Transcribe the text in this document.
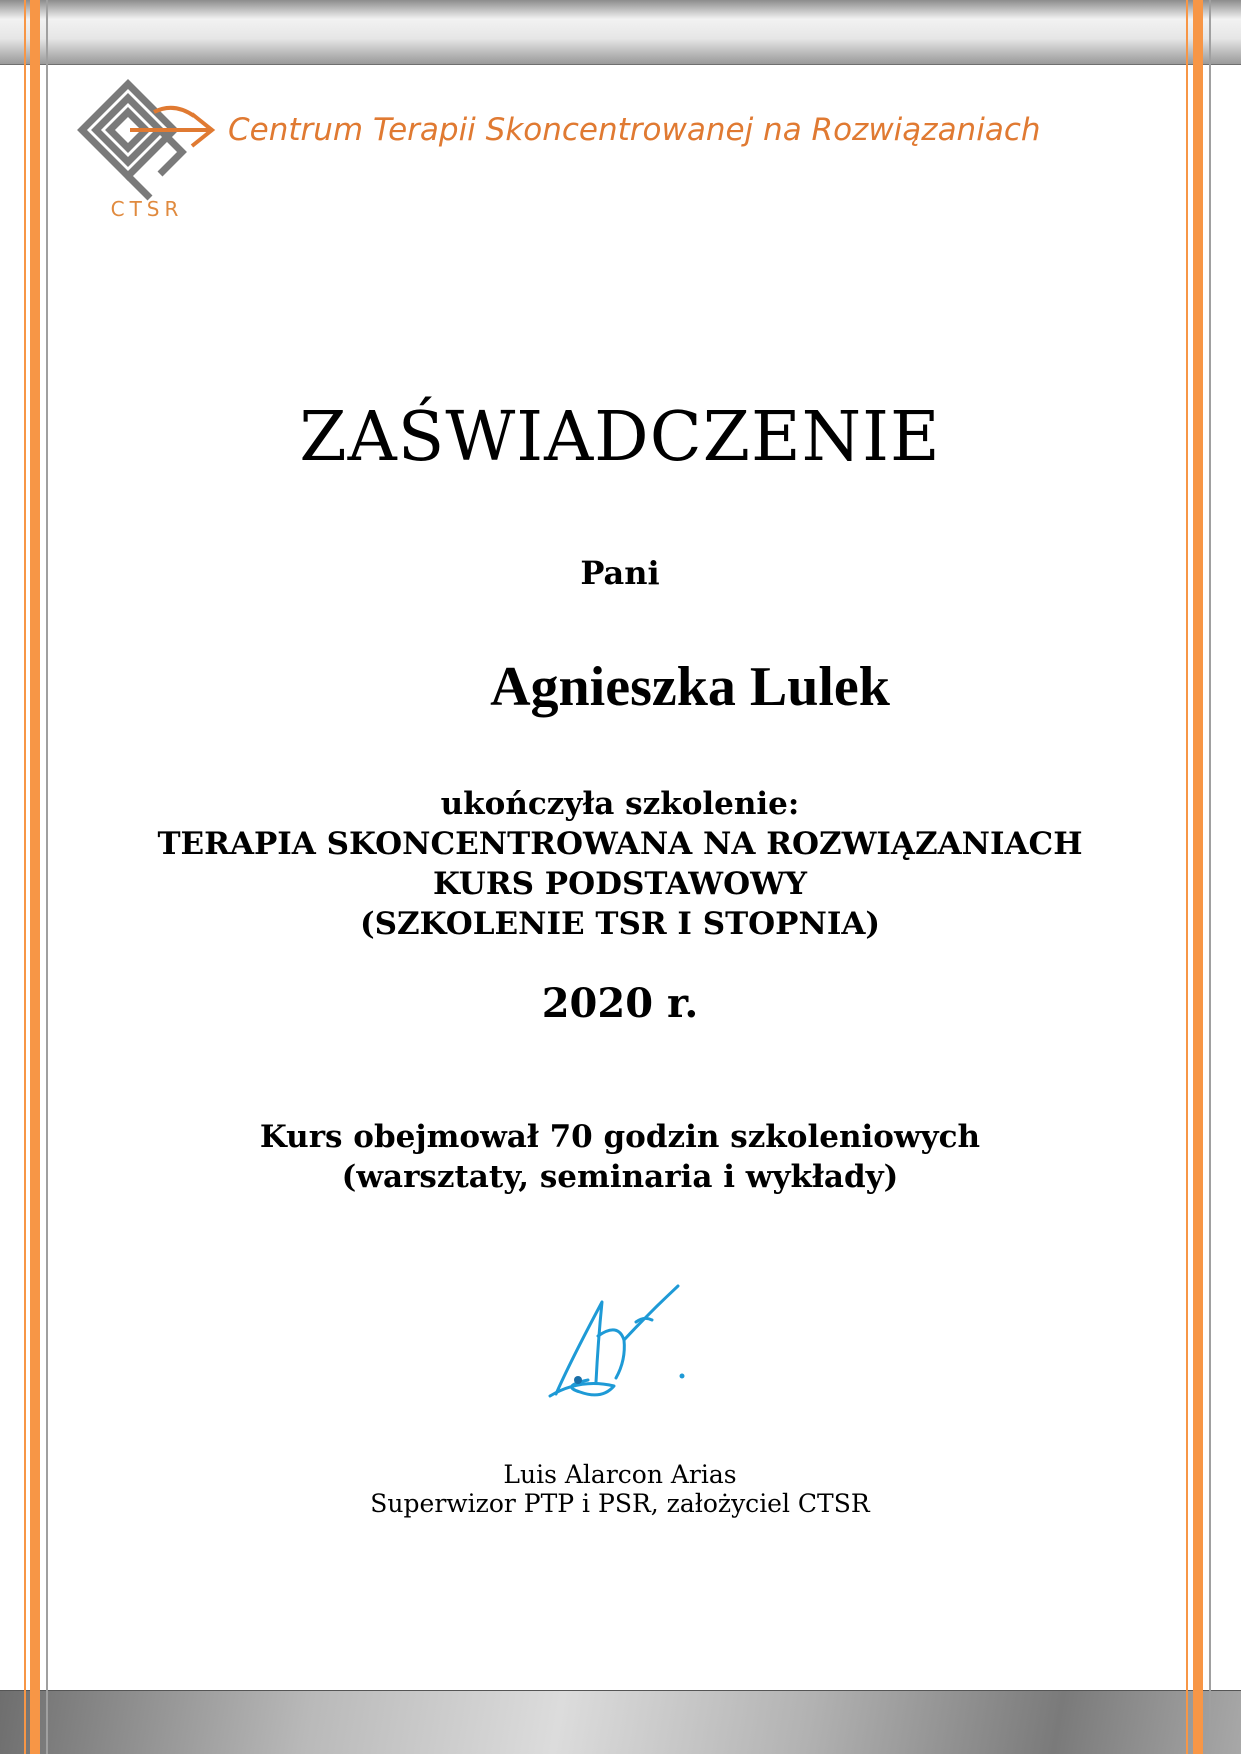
CTSR
Centrum Terapii Skoncentrowanej na Rozwiązaniach
ZAŚWIADCZENIE
Pani
Agnieszka Lulek
ukończyła szkolenie:
TERAPIA SKONCENTROWANA NA ROZWIĄZANIACH
KURS PODSTAWOWY
(SZKOLENIE TSR I STOPNIA)
2020 r.
Kurs obejmował 70 godzin szkoleniowych
(warsztaty, seminaria i wykłady)
Luis Alarcon Arias
Superwizor PTP i PSR, założyciel CTSR
